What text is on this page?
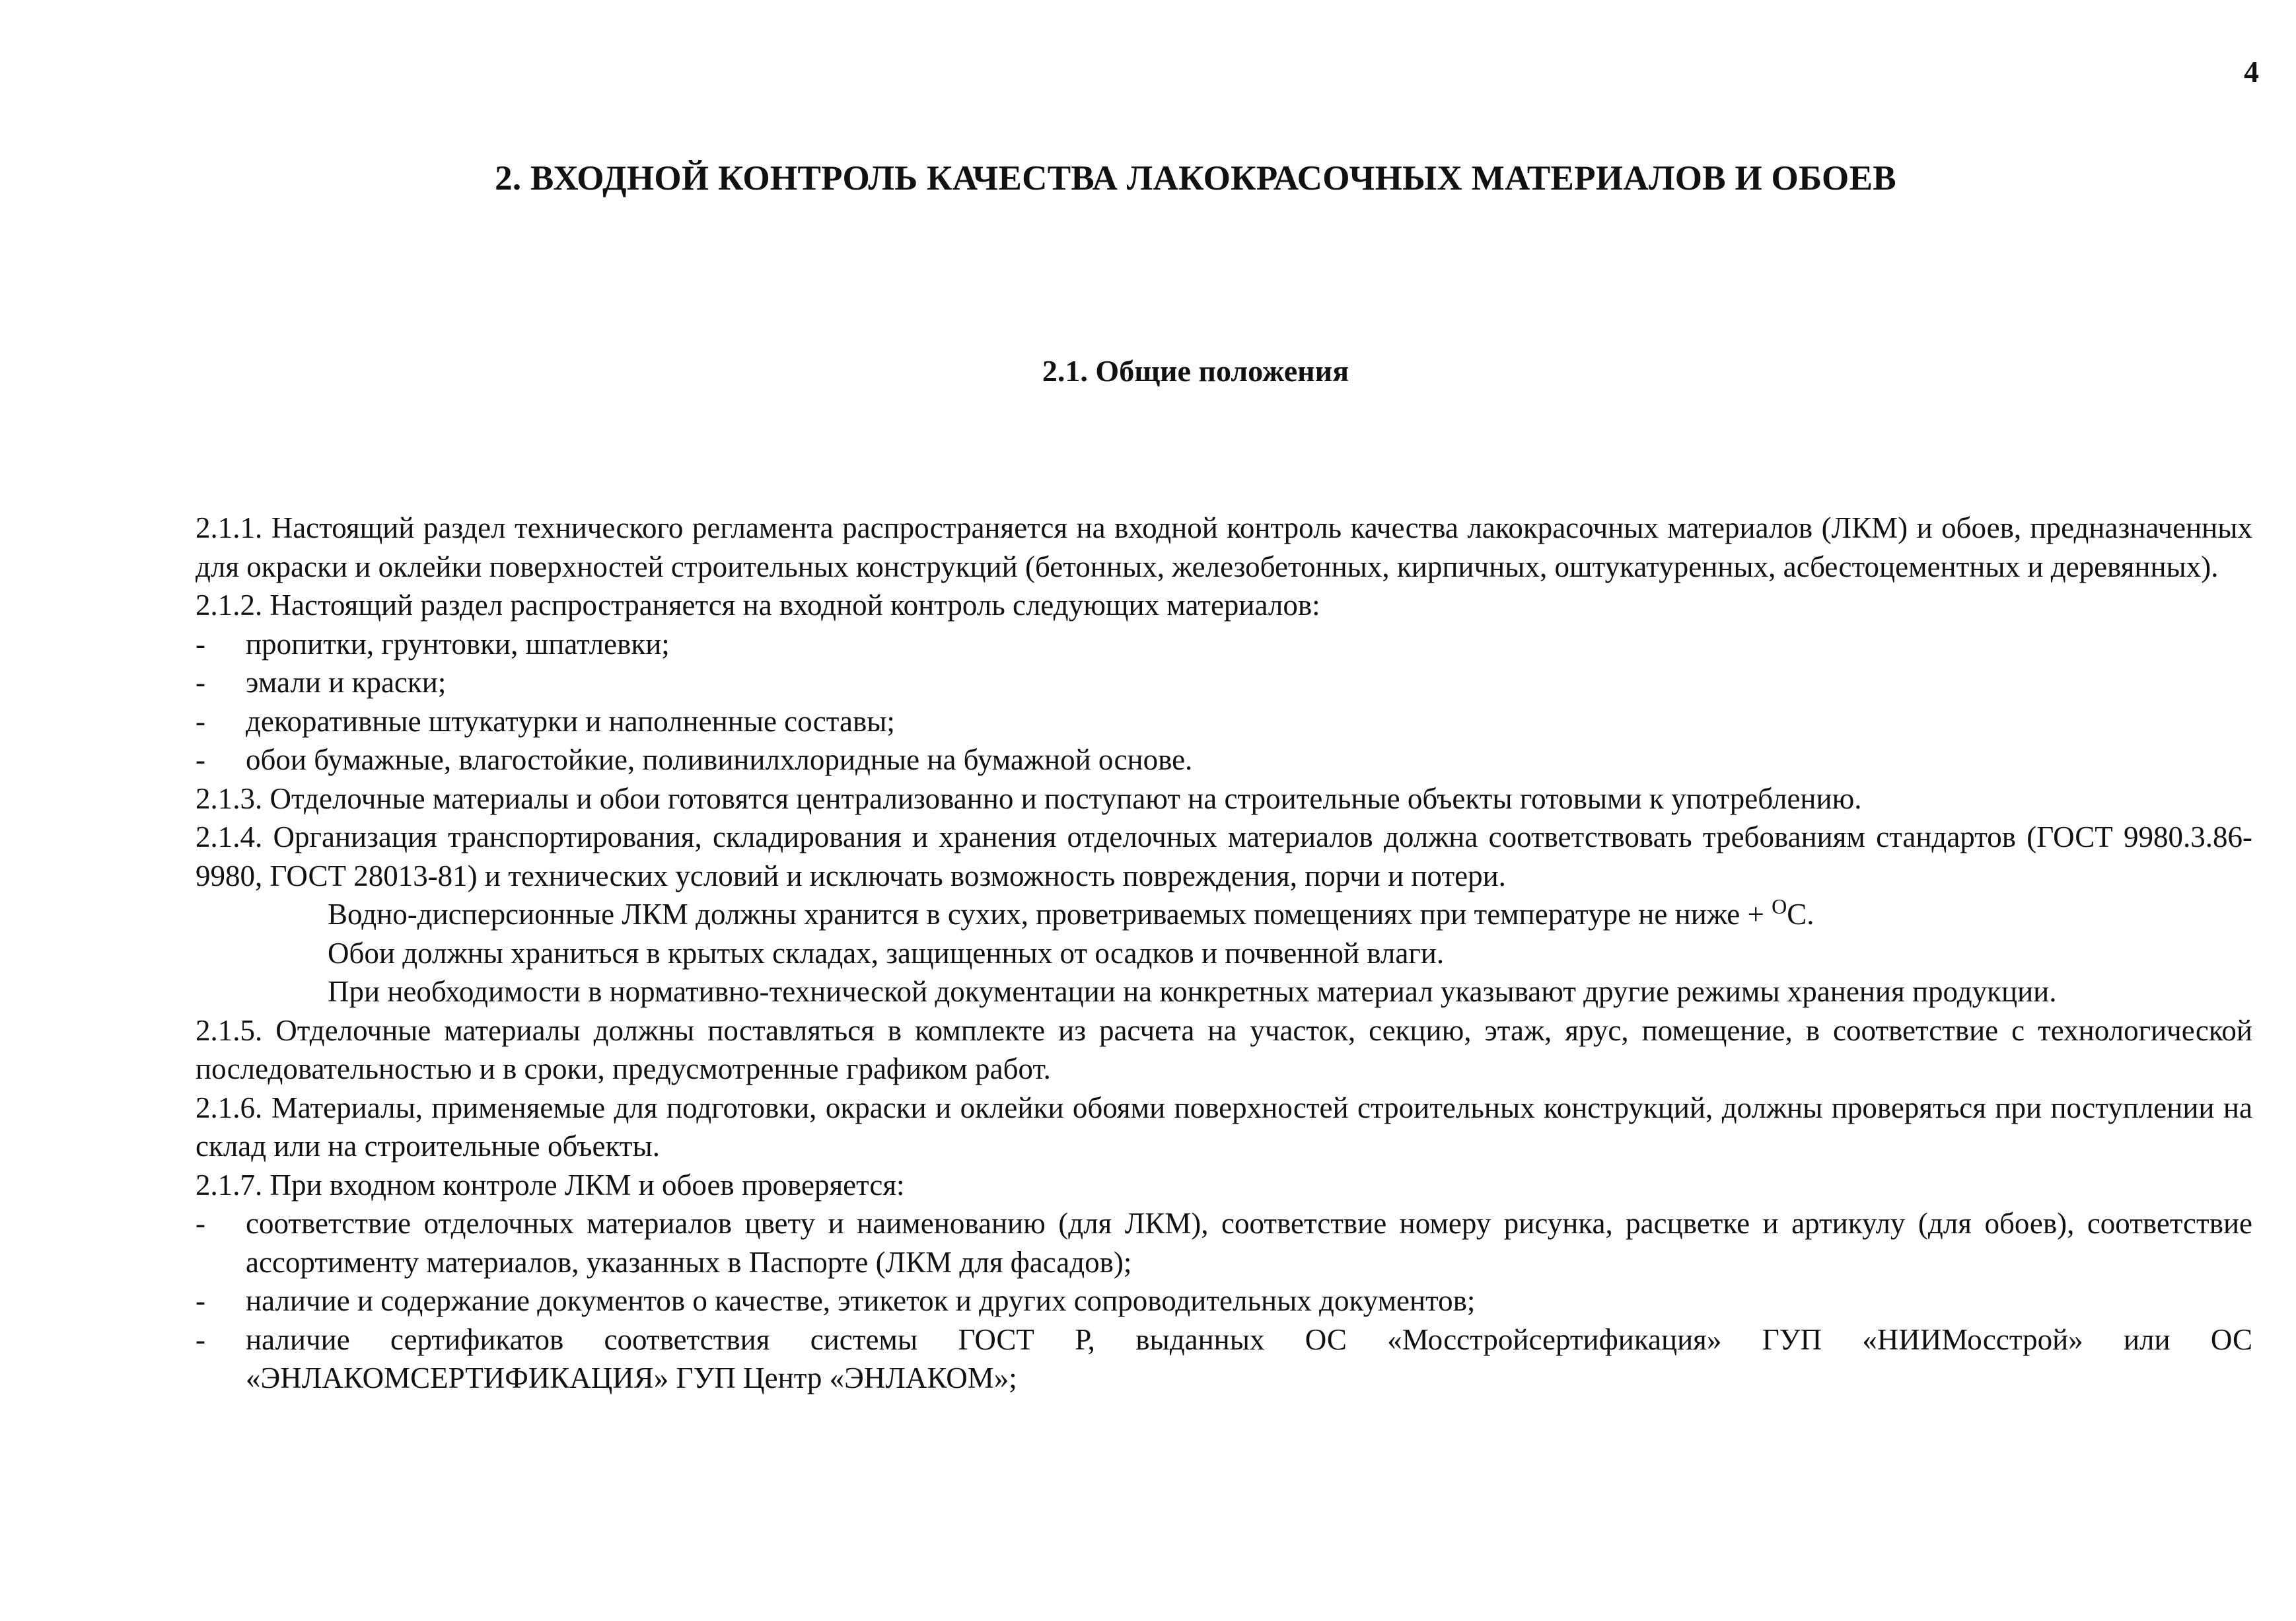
4
2. ВХОДНОЙ КОНТРОЛЬ КАЧЕСТВА ЛАКОКРАСОЧНЫХ МАТЕРИАЛОВ И ОБОЕВ
2.1. Общие положения

2.1.1. Настоящий раздел технического регламента распространяется на входной контроль качества лакокрасочных материалов (ЛКМ) и обоев, предназначенных для окраски и оклейки поверхностей строительных конструкций (бетонных, железобетонных, кирпичных, оштукатуренных, асбестоцементных и деревянных).

2.1.2. Настоящий раздел распространяется на входной контроль следующих материалов:

-	пропитки, грунтовки, шпатлевки;
-	эмали и краски;
-	декоративные штукатурки и наполненные составы;
-	обои бумажные, влагостойкие, поливинилхлоридные на бумажной основе.

2.1.3. Отделочные материалы и обои готовятся централизованно и поступают на строительные объекты готовыми к употреблению.

2.1.4. Организация транспортирования, складирования и хранения отделочных материалов должна соответствовать требованиям стандартов (ГОСТ 9980.3.86-9980, ГОСТ 28013-81) и технических условий и исключать возможность повреждения, порчи и потери.

Водно-дисперсионные ЛКМ должны хранится в сухих, проветриваемых помещениях при температуре не ниже + $^O$С.

Обои должны храниться в крытых складах, защищенных от осадков и почвенной влаги.

При необходимости в нормативно-технической документации на конкретных материал указывают другие режимы хранения продукции.

2.1.5. Отделочные материалы должны поставляться в комплекте из расчета на участок, секцию, этаж, ярус, помещение, в соответствие с технологической последовательностью и в сроки, предусмотренные графиком работ.

2.1.6. Материалы, применяемые для подготовки, окраски и оклейки обоями поверхностей строительных конструкций, должны проверяться при поступлении на склад или на строительные объекты.

2.1.7. При входном контроле ЛКМ и обоев проверяется:

-	соответствие отделочных материалов цвету и наименованию (для ЛКМ), соответствие номеру рисунка, расцветке и артикулу (для обоев), соответствие ассортименту материалов, указанных в Паспорте (ЛКМ для фасадов);
-	наличие и содержание документов о качестве, этикеток и других сопроводительных документов;
-	наличие сертификатов соответствия системы ГОСТ Р, выданных ОС «Мосстройсертификация» ГУП «НИИМосстрой» или ОС «ЭНЛАКОМСЕРТИФИКАЦИЯ» ГУП Центр «ЭНЛАКОМ»;
